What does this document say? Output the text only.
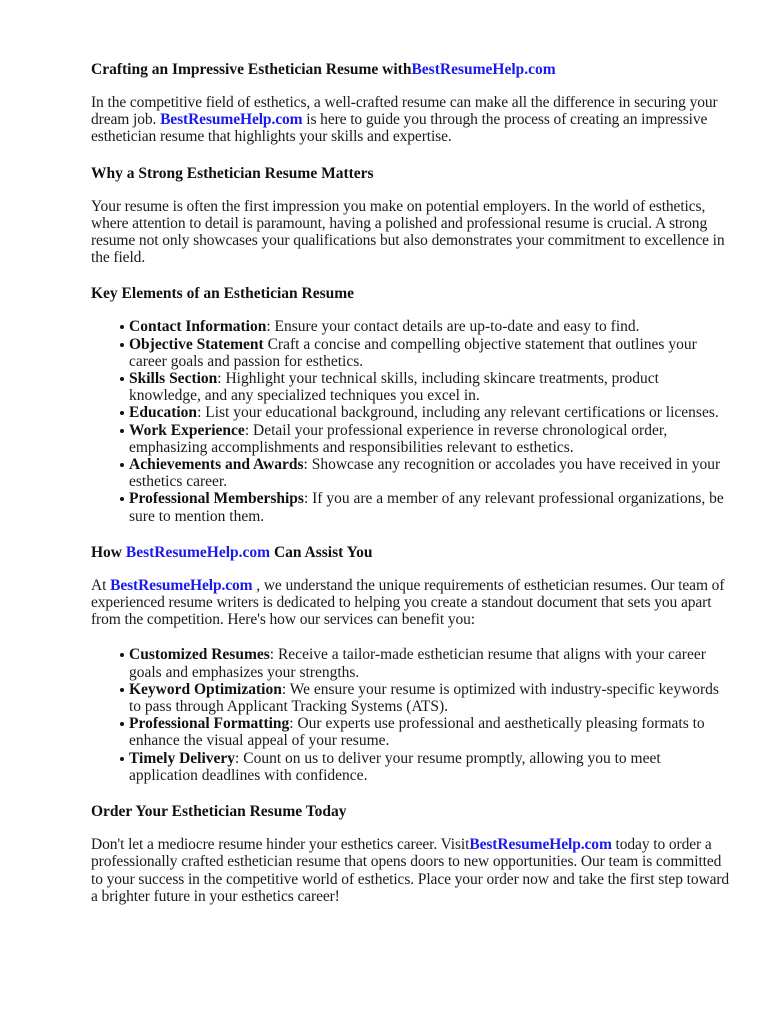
Crafting an Impressive Esthetician Resume withBestResumeHelp.com

In the competitive field of esthetics, a well-crafted resume can make all the difference in securing your dream job. BestResumeHelp.com is here to guide you through the process of creating an impressive esthetician resume that highlights your skills and expertise.

Why a Strong Esthetician Resume Matters

Your resume is often the first impression you make on potential employers. In the world of esthetics, where attention to detail is paramount, having a polished and professional resume is crucial. A strong resume not only showcases your qualifications but also demonstrates your commitment to excellence in the field.

Key Elements of an Esthetician Resume
Contact Information: Ensure your contact details are up-to-date and easy to find.
Objective Statement Craft a concise and compelling objective statement that outlines your career goals and passion for esthetics.
Skills Section: Highlight your technical skills, including skincare treatments, product knowledge, and any specialized techniques you excel in.
Education: List your educational background, including any relevant certifications or licenses.
Work Experience: Detail your professional experience in reverse chronological order, emphasizing accomplishments and responsibilities relevant to esthetics.
Achievements and Awards: Showcase any recognition or accolades you have received in your esthetics career.
Professional Memberships: If you are a member of any relevant professional organizations, be sure to mention them.
How BestResumeHelp.com Can Assist You

At BestResumeHelp.com , we understand the unique requirements of esthetician resumes. Our team of experienced resume writers is dedicated to helping you create a standout document that sets you apart from the competition. Here's how our services can benefit you:

Customized Resumes: Receive a tailor-made esthetician resume that aligns with your career goals and emphasizes your strengths.
Keyword Optimization: We ensure your resume is optimized with industry-specific keywords to pass through Applicant Tracking Systems (ATS).
Professional Formatting: Our experts use professional and aesthetically pleasing formats to enhance the visual appeal of your resume.
Timely Delivery: Count on us to deliver your resume promptly, allowing you to meet application deadlines with confidence.
Order Your Esthetician Resume Today

Don't let a mediocre resume hinder your esthetics career. VisitBestResumeHelp.com today to order a professionally crafted esthetician resume that opens doors to new opportunities. Our team is committed to your success in the competitive world of esthetics. Place your order now and take the first step toward a brighter future in your esthetics career!
